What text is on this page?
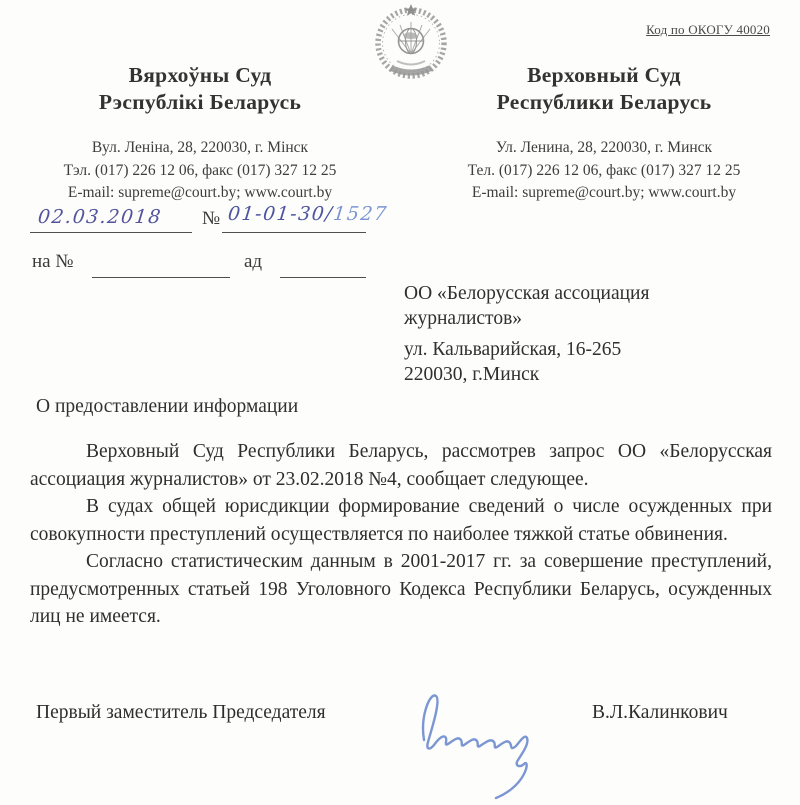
Код по ОКОГУ 40020
Вярхоўны Суд
Рэспублікі Беларусь
Вул. Леніна, 28, 220030, г. Мінск
Тэл. (017) 226 12 06, факс (017) 327 12 25
E-mail: supreme@court.by; www.court.by
Верховный Суд
Республики Беларусь
Ул. Ленина, 28, 220030, г. Минск
Тел. (017) 226 12 06, факс (017) 327 12 25
E-mail: supreme@court.by; www.court.by
02.03.2018 № 01-01-30/1527
на №	ад
ОО «Белорусская ассоциация
журналистов»
ул. Кальварийская, 16-265
220030, г.Минск
О предоставлении информации

Верховный Суд Республики Беларусь, рассмотрев запрос ОО «Белорусская ассоциация журналистов» от 23.02.2018 №4, сообщает следующее.

В судах общей юрисдикции формирование сведений о числе осужденных при совокупности преступлений осуществляется по наиболее тяжкой статье обвинения.

Согласно статистическим данным в 2001-2017 гг. за совершение преступлений, предусмотренных статьей 198 Уголовного Кодекса Республики Беларусь, осужденных лиц не имеется.

Первый заместитель Председателя	В.Л.Калинкович
